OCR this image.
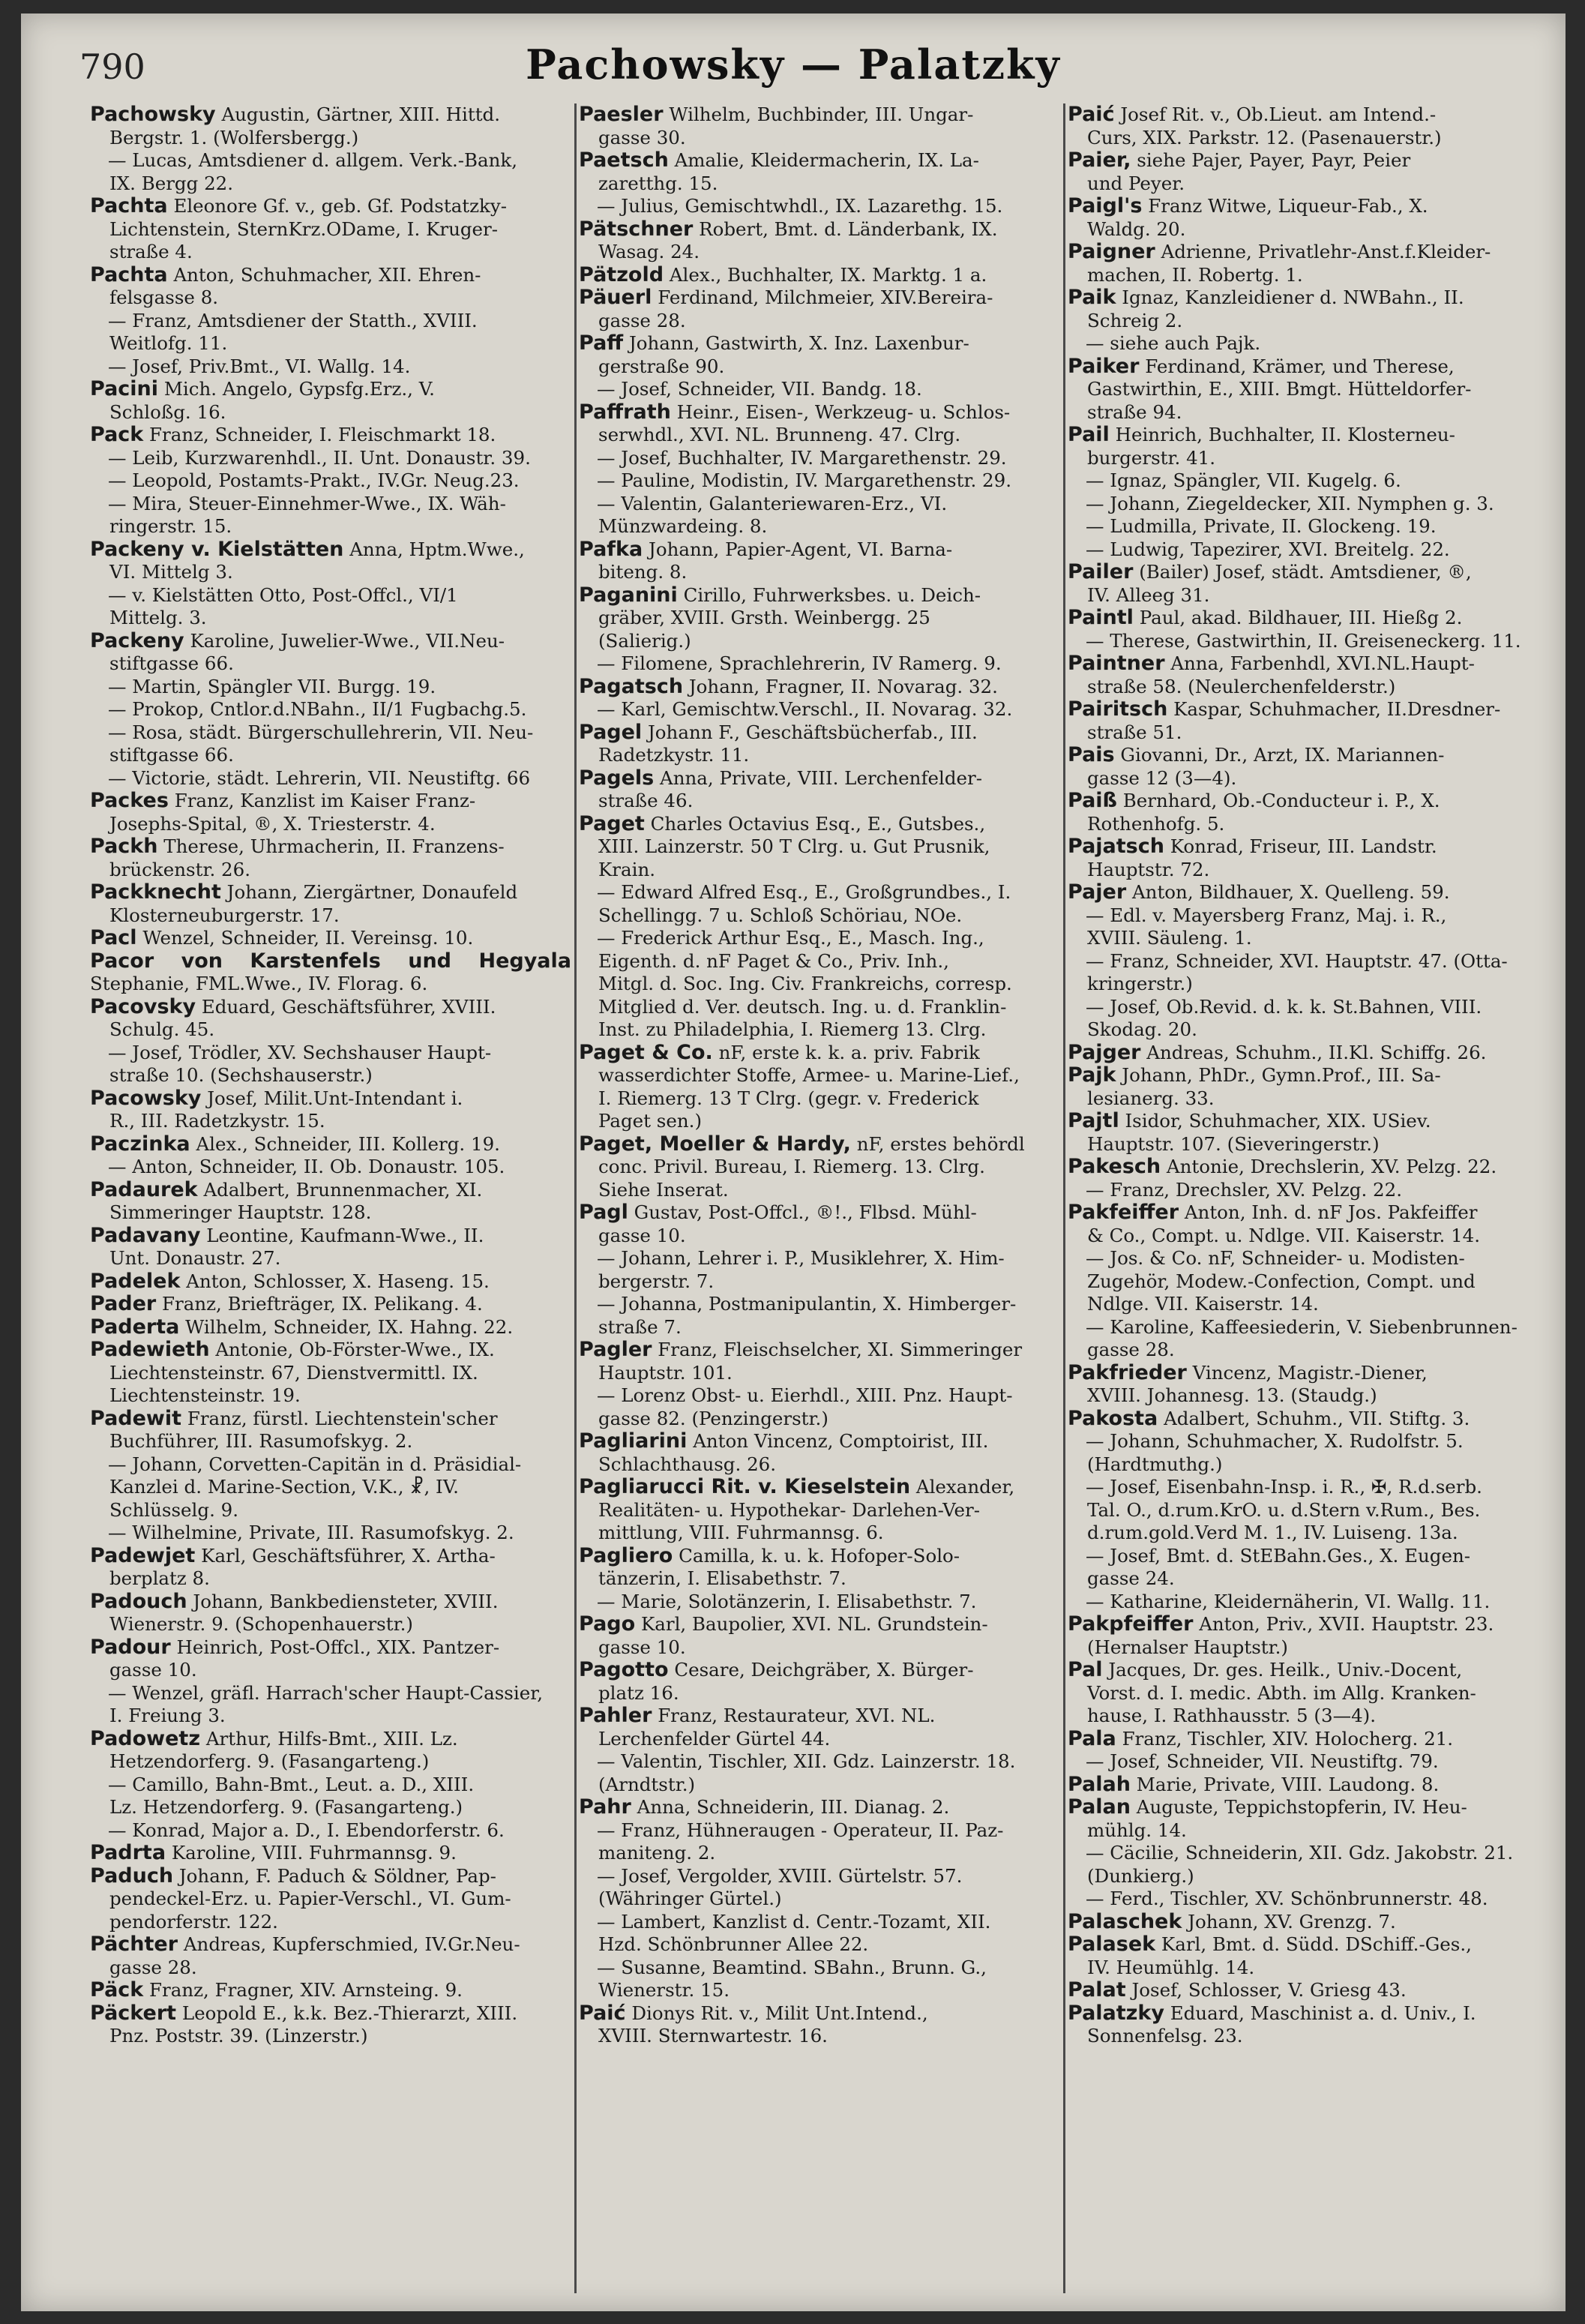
790	Pachowsky — Palatzky
Pachowsky Augustin, Gärtner, XIII. Hittd.
Bergstr. 1. (Wolfersbergg.)
— Lucas, Amtsdiener d. allgem. Verk.-Bank,
IX. Bergg 22.
Pachta Eleonore Gf. v., geb. Gf. Podstatzky-
Lichtenstein, SternKrz.ODame, I. Kruger-
straße 4.
Pachta Anton, Schuhmacher, XII. Ehren-
felsgasse 8.
— Franz, Amtsdiener der Statth., XVIII.
Weitlofg. 11.
— Josef, Priv.Bmt., VI. Wallg. 14.
Pacini Mich. Angelo, Gypsfg.Erz., V.
Schloßg. 16.
Pack Franz, Schneider, I. Fleischmarkt 18.
— Leib, Kurzwarenhdl., II. Unt. Donaustr. 39.
— Leopold, Postamts-Prakt., IV.Gr. Neug.23.
— Mira, Steuer-Einnehmer-Wwe., IX. Wäh-
ringerstr. 15.
Packeny v. Kielstätten Anna, Hptm.Wwe.,
VI. Mittelg 3.
— v. Kielstätten Otto, Post-Offcl., VI/1
Mittelg. 3.
Packeny Karoline, Juwelier-Wwe., VII.Neu-
stiftgasse 66.
— Martin, Spängler VII. Burgg. 19.
— Prokop, Cntlor.d.NBahn., II/1 Fugbachg.5.
— Rosa, städt. Bürgerschullehrerin, VII. Neu-
stiftgasse 66.
— Victorie, städt. Lehrerin, VII. Neustiftg. 66
Packes Franz, Kanzlist im Kaiser Franz-
Josephs-Spital, ®, X. Triesterstr. 4.
Packh Therese, Uhrmacherin, II. Franzens-
brückenstr. 26.
Packknecht Johann, Ziergärtner, Donaufeld
Klosterneuburgerstr. 17.
Pacl Wenzel, Schneider, II. Vereinsg. 10.
Pacor von Karstenfels und Hegyala Stephanie, FML.Wwe., IV. Florag. 6.
Pacovsky Eduard, Geschäftsführer, XVIII.
Schulg. 45.
— Josef, Trödler, XV. Sechshauser Haupt-
straße 10. (Sechshauserstr.)
Pacowsky Josef, Milit.Unt-Intendant i.
R., III. Radetzkystr. 15.
Paczinka Alex., Schneider, III. Kollerg. 19.
— Anton, Schneider, II. Ob. Donaustr. 105.
Padaurek Adalbert, Brunnenmacher, XI.
Simmeringer Hauptstr. 128.
Padavany Leontine, Kaufmann-Wwe., II.
Unt. Donaustr. 27.
Padelek Anton, Schlosser, X. Haseng. 15.
Pader Franz, Briefträger, IX. Pelikang. 4.
Paderta Wilhelm, Schneider, IX. Hahng. 22.
Padewieth Antonie, Ob-Förster-Wwe., IX.
Liechtensteinstr. 67, Dienstvermittl. IX.
Liechtensteinstr. 19.
Padewit Franz, fürstl. Liechtenstein'scher
Buchführer, III. Rasumofskyg. 2.
— Johann, Corvetten-Capitän in d. Präsidial-
Kanzlei d. Marine-Section, V.K., ☧, IV.
Schlüsselg. 9.
— Wilhelmine, Private, III. Rasumofskyg. 2.
Padewjet Karl, Geschäftsführer, X. Artha-
berplatz 8.
Padouch Johann, Bankbediensteter, XVIII.
Wienerstr. 9. (Schopenhauerstr.)
Padour Heinrich, Post-Offcl., XIX. Pantzer-
gasse 10.
— Wenzel, gräfl. Harrach'scher Haupt-Cassier,
I. Freiung 3.
Padowetz Arthur, Hilfs-Bmt., XIII. Lz.
Hetzendorferg. 9. (Fasangarteng.)
— Camillo, Bahn-Bmt., Leut. a. D., XIII.
Lz. Hetzendorferg. 9. (Fasangarteng.)
— Konrad, Major a. D., I. Ebendorferstr. 6.
Padrta Karoline, VIII. Fuhrmannsg. 9.
Paduch Johann, F. Paduch & Söldner, Pap-
pendeckel-Erz. u. Papier-Verschl., VI. Gum-
pendorferstr. 122.
Pächter Andreas, Kupferschmied, IV.Gr.Neu-
gasse 28.
Päck Franz, Fragner, XIV. Arnsteing. 9.
Päckert Leopold E., k.k. Bez.-Thierarzt, XIII.
Pnz. Poststr. 39. (Linzerstr.)
Paesler Wilhelm, Buchbinder, III. Ungar-
gasse 30.
Paetsch Amalie, Kleidermacherin, IX. La-
zaretthg. 15.
— Julius, Gemischtwhdl., IX. Lazarethg. 15.
Pätschner Robert, Bmt. d. Länderbank, IX.
Wasag. 24.
Pätzold Alex., Buchhalter, IX. Marktg. 1 a.
Päuerl Ferdinand, Milchmeier, XIV.Bereira-
gasse 28.
Paff Johann, Gastwirth, X. Inz. Laxenbur-
gerstraße 90.
— Josef, Schneider, VII. Bandg. 18.
Paffrath Heinr., Eisen-, Werkzeug- u. Schlos-
serwhdl., XVI. NL. Brunneng. 47. Clrg.
— Josef, Buchhalter, IV. Margarethenstr. 29.
— Pauline, Modistin, IV. Margarethenstr. 29.
— Valentin, Galanteriewaren-Erz., VI.
Münzwardeing. 8.
Pafka Johann, Papier-Agent, VI. Barna-
biteng. 8.
Paganini Cirillo, Fuhrwerksbes. u. Deich-
gräber, XVIII. Grsth. Weinbergg. 25
(Salierig.)
— Filomene, Sprachlehrerin, IV Ramerg. 9.
Pagatsch Johann, Fragner, II. Novarag. 32.
— Karl, Gemischtw.Verschl., II. Novarag. 32.
Pagel Johann F., Geschäftsbücherfab., III.
Radetzkystr. 11.
Pagels Anna, Private, VIII. Lerchenfelder-
straße 46.
Paget Charles Octavius Esq., E., Gutsbes.,
XIII. Lainzerstr. 50 T Clrg. u. Gut Prusnik,
Krain.
— Edward Alfred Esq., E., Großgrundbes., I.
Schellingg. 7 u. Schloß Schöriau, NOe.
— Frederick Arthur Esq., E., Masch. Ing.,
Eigenth. d. nF Paget & Co., Priv. Inh.,
Mitgl. d. Soc. Ing. Civ. Frankreichs, corresp.
Mitglied d. Ver. deutsch. Ing. u. d. Franklin-
Inst. zu Philadelphia, I. Riemerg 13. Clrg.
Paget & Co. nF, erste k. k. a. priv. Fabrik
wasserdichter Stoffe, Armee- u. Marine-Lief.,
I. Riemerg. 13 T Clrg. (gegr. v. Frederick
Paget sen.)
Paget, Moeller & Hardy, nF, erstes behördl
conc. Privil. Bureau, I. Riemerg. 13. Clrg.
Siehe Inserat.
Pagl Gustav, Post-Offcl., ®!., Flbsd. Mühl-
gasse 10.
— Johann, Lehrer i. P., Musiklehrer, X. Him-
bergerstr. 7.
— Johanna, Postmanipulantin, X. Himberger-
straße 7.
Pagler Franz, Fleischselcher, XI. Simmeringer
Hauptstr. 101.
— Lorenz Obst- u. Eierhdl., XIII. Pnz. Haupt-
gasse 82. (Penzingerstr.)
Pagliarini Anton Vincenz, Comptoirist, III.
Schlachthausg. 26.
Pagliarucci Rit. v. Kieselstein Alexander,
Realitäten- u. Hypothekar- Darlehen-Ver-
mittlung, VIII. Fuhrmannsg. 6.
Pagliero Camilla, k. u. k. Hofoper-Solo-
tänzerin, I. Elisabethstr. 7.
— Marie, Solotänzerin, I. Elisabethstr. 7.
Pago Karl, Baupolier, XVI. NL. Grundstein-
gasse 10.
Pagotto Cesare, Deichgräber, X. Bürger-
platz 16.
Pahler Franz, Restaurateur, XVI. NL.
Lerchenfelder Gürtel 44.
— Valentin, Tischler, XII. Gdz. Lainzerstr. 18.
(Arndtstr.)
Pahr Anna, Schneiderin, III. Dianag. 2.
— Franz, Hühneraugen - Operateur, II. Paz-
maniteng. 2.
— Josef, Vergolder, XVIII. Gürtelstr. 57.
(Währinger Gürtel.)
— Lambert, Kanzlist d. Centr.-Tozamt, XII.
Hzd. Schönbrunner Allee 22.
— Susanne, Beamtind. SBahn., Brunn. G.,
Wienerstr. 15.
Paić Dionys Rit. v., Milit Unt.Intend.,
XVIII. Sternwartestr. 16.
Paić Josef Rit. v., Ob.Lieut. am Intend.-
Curs, XIX. Parkstr. 12. (Pasenauerstr.)
Paier, siehe Pajer, Payer, Payr, Peier
und Peyer.
Paigl's Franz Witwe, Liqueur-Fab., X.
Waldg. 20.
Paigner Adrienne, Privatlehr-Anst.f.Kleider-
machen, II. Robertg. 1.
Paik Ignaz, Kanzleidiener d. NWBahn., II.
Schreig 2.
— siehe auch Pajk.
Paiker Ferdinand, Krämer, und Therese,
Gastwirthin, E., XIII. Bmgt. Hütteldorfer-
straße 94.
Pail Heinrich, Buchhalter, II. Klosterneu-
burgerstr. 41.
— Ignaz, Spängler, VII. Kugelg. 6.
— Johann, Ziegeldecker, XII. Nymphen g. 3.
— Ludmilla, Private, II. Glockeng. 19.
— Ludwig, Tapezirer, XVI. Breitelg. 22.
Pailer (Bailer) Josef, städt. Amtsdiener, ®,
IV. Alleeg 31.
Paintl Paul, akad. Bildhauer, III. Hießg 2.
— Therese, Gastwirthin, II. Greiseneckerg. 11.
Paintner Anna, Farbenhdl, XVI.NL.Haupt-
straße 58. (Neulerchenfelderstr.)
Pairitsch Kaspar, Schuhmacher, II.Dresdner-
straße 51.
Pais Giovanni, Dr., Arzt, IX. Mariannen-
gasse 12 (3—4).
Paiß Bernhard, Ob.-Conducteur i. P., X.
Rothenhofg. 5.
Pajatsch Konrad, Friseur, III. Landstr.
Hauptstr. 72.
Pajer Anton, Bildhauer, X. Quelleng. 59.
— Edl. v. Mayersberg Franz, Maj. i. R.,
XVIII. Säuleng. 1.
— Franz, Schneider, XVI. Hauptstr. 47. (Otta-
kringerstr.)
— Josef, Ob.Revid. d. k. k. St.Bahnen, VIII.
Skodag. 20.
Pajger Andreas, Schuhm., II.Kl. Schiffg. 26.
Pajk Johann, PhDr., Gymn.Prof., III. Sa-
lesianerg. 33.
Pajtl Isidor, Schuhmacher, XIX. USiev.
Hauptstr. 107. (Sieveringerstr.)
Pakesch Antonie, Drechslerin, XV. Pelzg. 22.
— Franz, Drechsler, XV. Pelzg. 22.
Pakfeiffer Anton, Inh. d. nF Jos. Pakfeiffer
& Co., Compt. u. Ndlge. VII. Kaiserstr. 14.
— Jos. & Co. nF, Schneider- u. Modisten-
Zugehör, Modew.-Confection, Compt. und
Ndlge. VII. Kaiserstr. 14.
— Karoline, Kaffeesiederin, V. Siebenbrunnen-
gasse 28.
Pakfrieder Vincenz, Magistr.-Diener,
XVIII. Johannesg. 13. (Staudg.)
Pakosta Adalbert, Schuhm., VII. Stiftg. 3.
— Johann, Schuhmacher, X. Rudolfstr. 5.
(Hardtmuthg.)
— Josef, Eisenbahn-Insp. i. R., ✠, R.d.serb.
Tal. O., d.rum.KrO. u. d.Stern v.Rum., Bes.
d.rum.gold.Verd M. 1., IV. Luiseng. 13a.
— Josef, Bmt. d. StEBahn.Ges., X. Eugen-
gasse 24.
— Katharine, Kleidernäherin, VI. Wallg. 11.
Pakpfeiffer Anton, Priv., XVII. Hauptstr. 23.
(Hernalser Hauptstr.)
Pal Jacques, Dr. ges. Heilk., Univ.-Docent,
Vorst. d. I. medic. Abth. im Allg. Kranken-
hause, I. Rathhausstr. 5 (3—4).
Pala Franz, Tischler, XIV. Holocherg. 21.
— Josef, Schneider, VII. Neustiftg. 79.
Palah Marie, Private, VIII. Laudong. 8.
Palan Auguste, Teppichstopferin, IV. Heu-
mühlg. 14.
— Cäcilie, Schneiderin, XII. Gdz. Jakobstr. 21.
(Dunkierg.)
— Ferd., Tischler, XV. Schönbrunnerstr. 48.
Palaschek Johann, XV. Grenzg. 7.
Palasek Karl, Bmt. d. Südd. DSchiff.-Ges.,
IV. Heumühlg. 14.
Palat Josef, Schlosser, V. Griesg 43.
Palatzky Eduard, Maschinist a. d. Univ., I.
Sonnenfelsg. 23.
